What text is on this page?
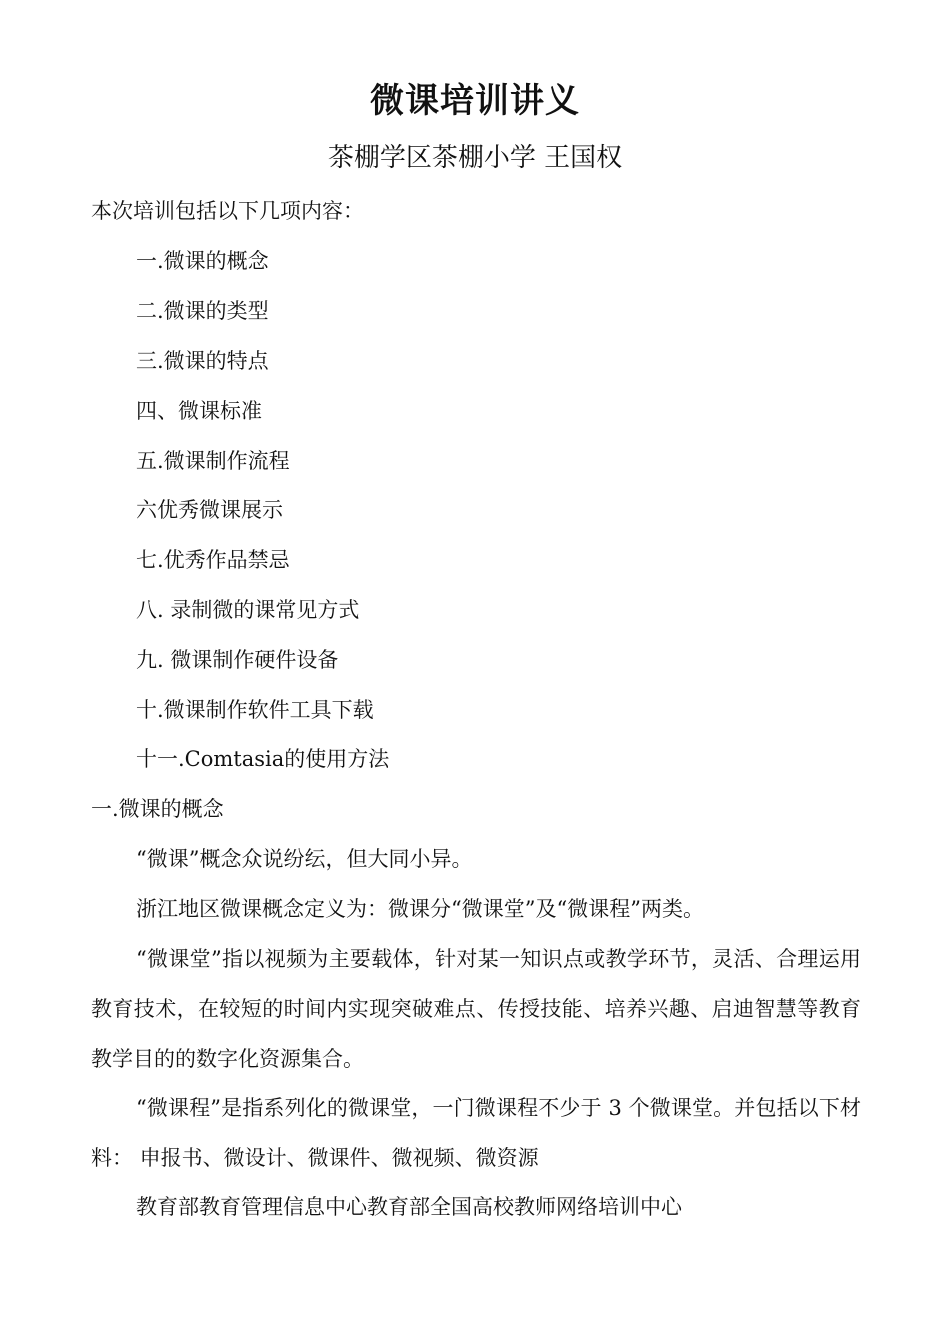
微课培训讲义
茶棚学区茶棚小学 王国权
本次培训包括以下几项内容：
一.微课的概念
二.微课的类型
三.微课的特点
四、微课标准
五.微课制作流程
六优秀微课展示
七.优秀作品禁忌
八. 录制微的课常见方式
九. 微课制作硬件设备
十.微课制作软件工具下载
十一.Comtasia的使用方法
一.微课的概念
“微课”概念众说纷纭，但大同小异。
浙江地区微课概念定义为：微课分“微课堂”及“微课程”两类。
“微课堂”指以视频为主要载体，针对某一知识点或教学环节，灵活、合理运用教育技术，在较短的时间内实现突破难点、传授技能、培养兴趣、启迪智慧等教育教学目的的数字化资源集合。
“微课程”是指系列化的微课堂，一门微课程不少于 3 个微课堂。并包括以下材料： 申报书、微设计、微课件、微视频、微资源
教育部教育管理信息中心教育部全国高校教师网络培训中心
